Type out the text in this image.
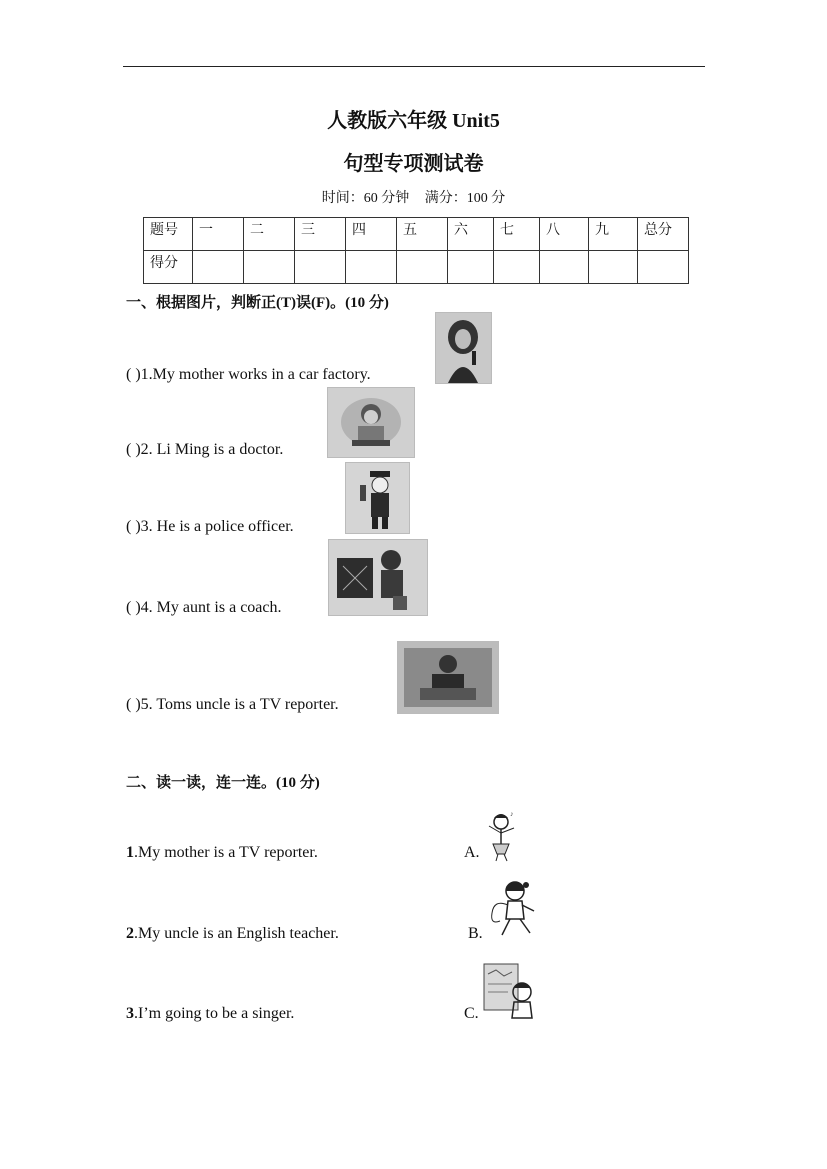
人教版六年级 Unit5
句型专项测试卷
时间：60 分钟 满分：100 分
题号	一	二	三	四	五	六	七	八	九	总分
得分										
一、根据图片，判断正(T)误(F)。(10 分)
( )1.My mother works in a car factory.
( )2. Li Ming is a doctor.
( )3. He is a police officer.
( )4. My aunt is a coach.
( )5. Toms uncle is a TV reporter.
二、读一读，连一连。(10 分)
1.My mother is a TV reporter.	A.
♪
2.My uncle is an English teacher.	B.
3.I’m going to be a singer.	C.
